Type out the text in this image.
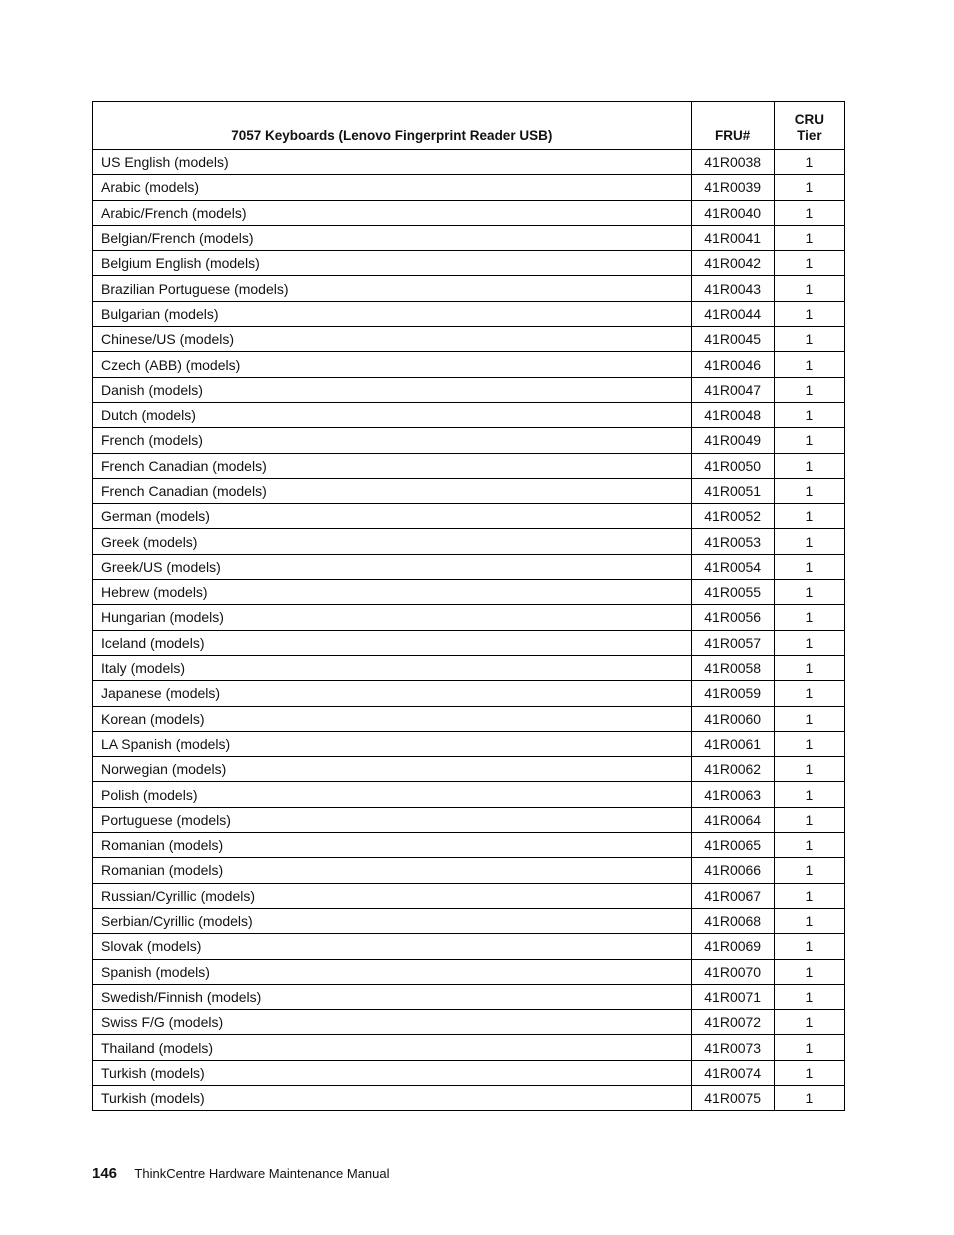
7057 Keyboards (Lenovo Fingerprint Reader USB)	FRU#	CRU
Tier
US English (models)	41R0038	1
Arabic (models)	41R0039	1
Arabic/French (models)	41R0040	1
Belgian/French (models)	41R0041	1
Belgium English (models)	41R0042	1
Brazilian Portuguese (models)	41R0043	1
Bulgarian (models)	41R0044	1
Chinese/US (models)	41R0045	1
Czech (ABB) (models)	41R0046	1
Danish (models)	41R0047	1
Dutch (models)	41R0048	1
French (models)	41R0049	1
French Canadian (models)	41R0050	1
French Canadian (models)	41R0051	1
German (models)	41R0052	1
Greek (models)	41R0053	1
Greek/US (models)	41R0054	1
Hebrew (models)	41R0055	1
Hungarian (models)	41R0056	1
Iceland (models)	41R0057	1
Italy (models)	41R0058	1
Japanese (models)	41R0059	1
Korean (models)	41R0060	1
LA Spanish (models)	41R0061	1
Norwegian (models)	41R0062	1
Polish (models)	41R0063	1
Portuguese (models)	41R0064	1
Romanian (models)	41R0065	1
Romanian (models)	41R0066	1
Russian/Cyrillic (models)	41R0067	1
Serbian/Cyrillic (models)	41R0068	1
Slovak (models)	41R0069	1
Spanish (models)	41R0070	1
Swedish/Finnish (models)	41R0071	1
Swiss F/G (models)	41R0072	1
Thailand (models)	41R0073	1
Turkish (models)	41R0074	1
Turkish (models)	41R0075	1
146 ThinkCentre Hardware Maintenance Manual
